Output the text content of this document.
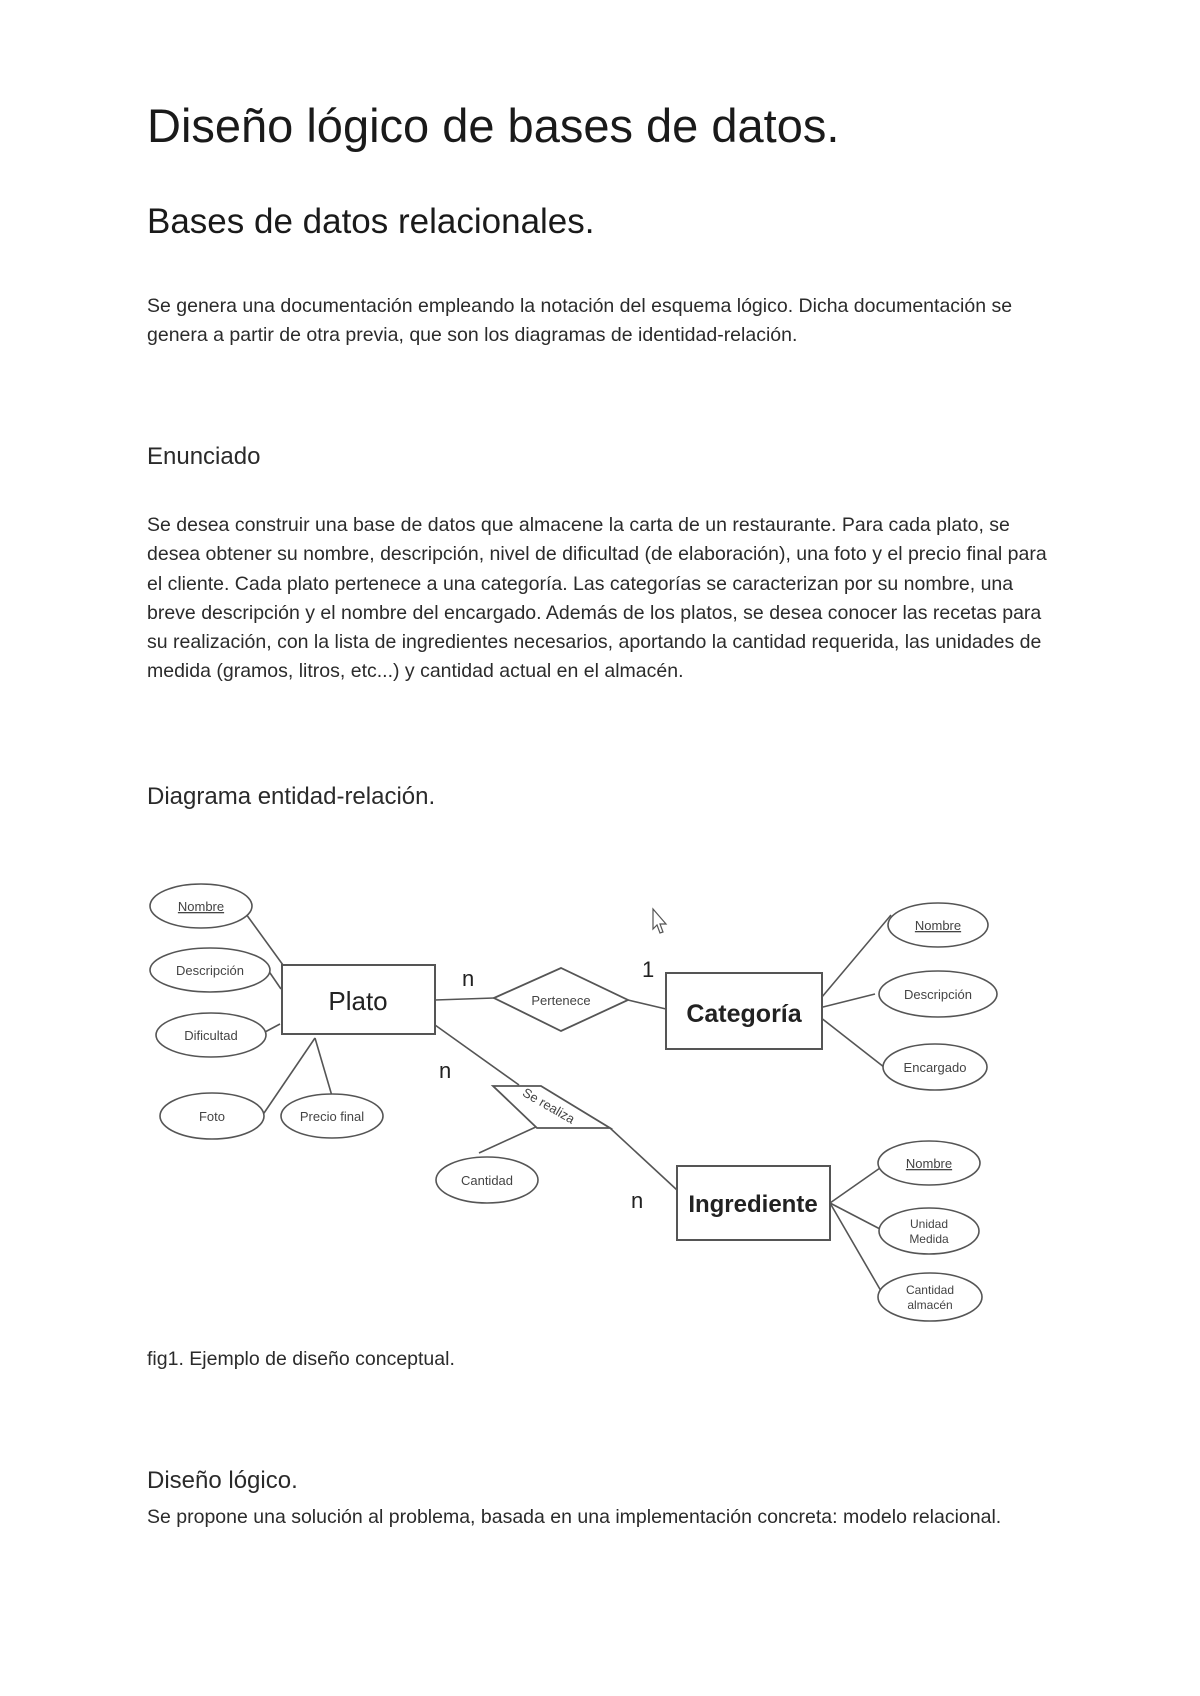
Diseño lógico de bases de datos.
Bases de datos relacionales.

Se genera una documentación empleando la notación del esquema lógico. Dicha documentación se genera a partir de otra previa, que son los diagramas de identidad-relación.

Enunciado

Se desea construir una base de datos que almacene la carta de un restaurante. Para cada plato, se desea obtener su nombre, descripción, nivel de dificultad (de elaboración), una foto y el precio final para el cliente. Cada plato pertenece a una categoría. Las categorías se caracterizan por su nombre, una breve descripción y el nombre del encargado. Además de los platos, se desea conocer las recetas para su realización, con la lista de ingredientes necesarios, aportando la cantidad requerida, las unidades de medida (gramos, litros, etc...) y cantidad actual en el almacén.

Diagrama entidad-relación.

fig1. Ejemplo de diseño conceptual.

Diseño lógico.

Se propone una solución al problema, basada en una implementación concreta: modelo relacional.

Plato	Categoría
Ingrediente
Pertenece
Se realiza
Nombre
Descripción
Dificultad
Foto	Precio final
Nombre
Descripción
Encargado
Cantidad
Nombre
Unidad
Medida
Cantidad
almacén
n	1
n
n
